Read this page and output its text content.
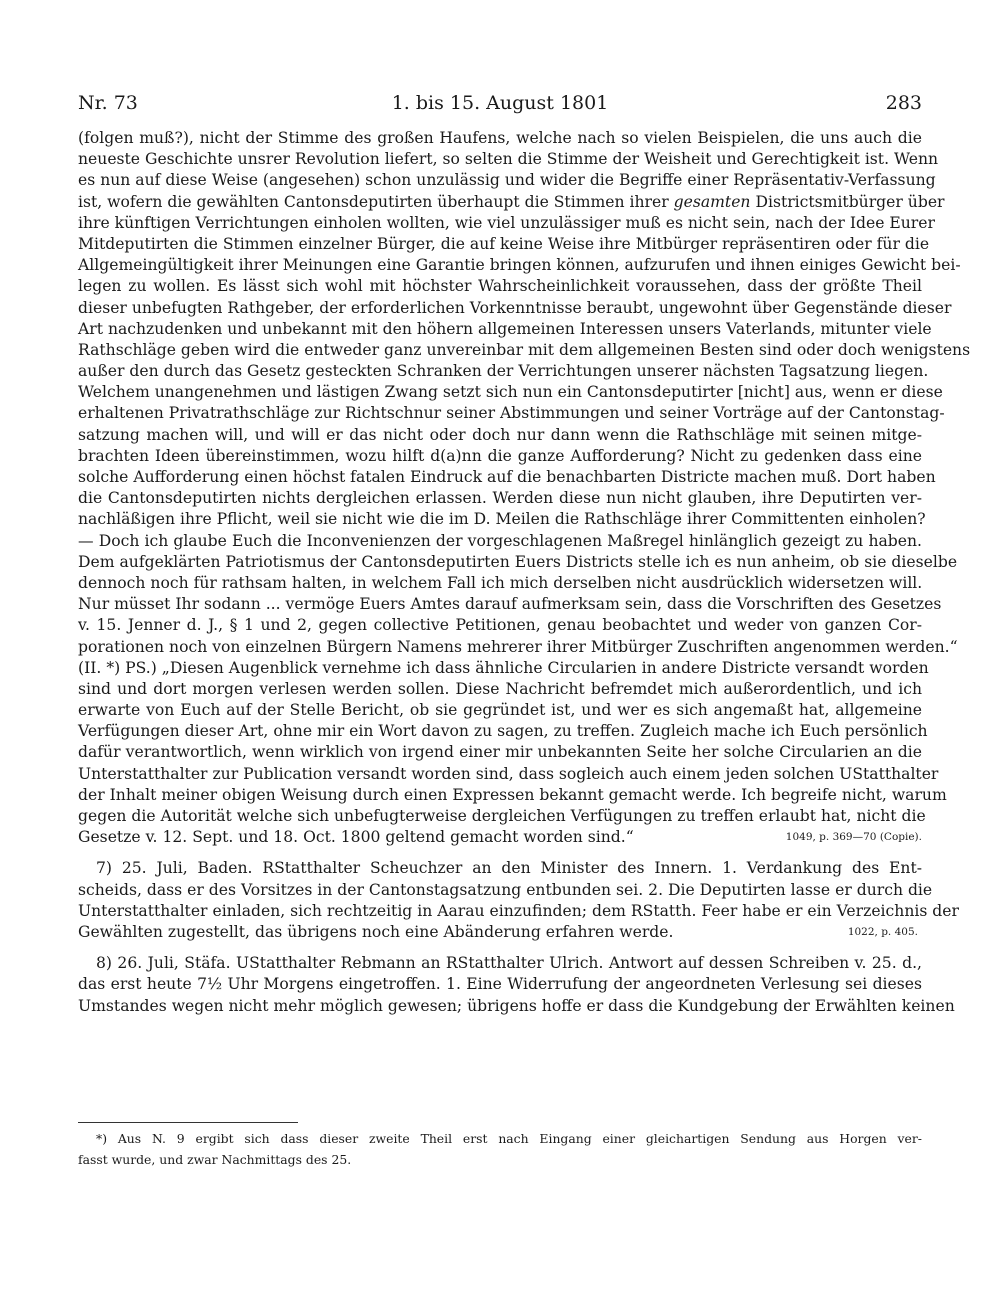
Nr. 73	1. bis 15. August 1801	283
(folgen muß?), nicht der Stimme des großen Haufens, welche nach so vielen Beispielen, die uns auch die
neueste Geschichte unsrer Revolution liefert, so selten die Stimme der Weisheit und Gerechtigkeit ist. Wenn
es nun auf diese Weise (angesehen) schon unzulässig und wider die Begriffe einer Repräsentativ-Verfassung
ist, wofern die gewählten Cantonsdeputirten überhaupt die Stimmen ihrer gesamten Districtsmitbürger über
ihre künftigen Verrichtungen einholen wollten, wie viel unzulässiger muß es nicht sein, nach der Idee Eurer
Mitdeputirten die Stimmen einzelner Bürger, die auf keine Weise ihre Mitbürger repräsentiren oder für die
Allgemeingültigkeit ihrer Meinungen eine Garantie bringen können, aufzurufen und ihnen einiges Gewicht bei-
legen zu wollen. Es lässt sich wohl mit höchster Wahrscheinlichkeit voraussehen, dass der größte Theil
dieser unbefugten Rathgeber, der erforderlichen Vorkenntnisse beraubt, ungewohnt über Gegenstände dieser
Art nachzudenken und unbekannt mit den höhern allgemeinen Interessen unsers Vaterlands, mitunter viele
Rathschläge geben wird die entweder ganz unvereinbar mit dem allgemeinen Besten sind oder doch wenigstens
außer den durch das Gesetz gesteckten Schranken der Verrichtungen unserer nächsten Tagsatzung liegen.
Welchem unangenehmen und lästigen Zwang setzt sich nun ein Cantonsdeputirter [nicht] aus, wenn er diese
erhaltenen Privatrathschläge zur Richtschnur seiner Abstimmungen und seiner Vorträge auf der Cantonstag-
satzung machen will, und will er das nicht oder doch nur dann wenn die Rathschläge mit seinen mitge-
brachten Ideen übereinstimmen, wozu hilft d(a)nn die ganze Aufforderung? Nicht zu gedenken dass eine
solche Aufforderung einen höchst fatalen Eindruck auf die benachbarten Districte machen muß. Dort haben
die Cantonsdeputirten nichts dergleichen erlassen. Werden diese nun nicht glauben, ihre Deputirten ver-
nachläßigen ihre Pflicht, weil sie nicht wie die im D. Meilen die Rathschläge ihrer Committenten einholen?
— Doch ich glaube Euch die Inconvenienzen der vorgeschlagenen Maßregel hinlänglich gezeigt zu haben.
Dem aufgeklärten Patriotismus der Cantonsdeputirten Euers Districts stelle ich es nun anheim, ob sie dieselbe
dennoch noch für rathsam halten, in welchem Fall ich mich derselben nicht ausdrücklich widersetzen will.
Nur müsset Ihr sodann ... vermöge Euers Amtes darauf aufmerksam sein, dass die Vorschriften des Gesetzes
v. 15. Jenner d. J., § 1 und 2, gegen collective Petitionen, genau beobachtet und weder von ganzen Cor-
porationen noch von einzelnen Bürgern Namens mehrerer ihrer Mitbürger Zuschriften angenommen werden.“
(II. *) PS.) „Diesen Augenblick vernehme ich dass ähnliche Circularien in andere Districte versandt worden
sind und dort morgen verlesen werden sollen. Diese Nachricht befremdet mich außerordentlich, und ich
erwarte von Euch auf der Stelle Bericht, ob sie gegründet ist, und wer es sich angemaßt hat, allgemeine
Verfügungen dieser Art, ohne mir ein Wort davon zu sagen, zu treffen. Zugleich mache ich Euch persönlich
dafür verantwortlich, wenn wirklich von irgend einer mir unbekannten Seite her solche Circularien an die
Unterstatthalter zur Publication versandt worden sind, dass sogleich auch einem jeden solchen UStatthalter
der Inhalt meiner obigen Weisung durch einen Expressen bekannt gemacht werde. Ich begreife nicht, warum
gegen die Autorität welche sich unbefugterweise dergleichen Verfügungen zu treffen erlaubt hat, nicht die
Gesetze v. 12. Sept. und 18. Oct. 1800 geltend gemacht worden sind.“	1049, p. 369—70 (Copie).
7) 25. Juli, Baden. RStatthalter Scheuchzer an den Minister des Innern. 1. Verdankung des Ent-
scheids, dass er des Vorsitzes in der Cantonstagsatzung entbunden sei. 2. Die Deputirten lasse er durch die
Unterstatthalter einladen, sich rechtzeitig in Aarau einzufinden; dem RStatth. Feer habe er ein Verzeichnis der
Gewählten zugestellt, das übrigens noch eine Abänderung erfahren werde.	1022, p. 405.
8) 26. Juli, Stäfa. UStatthalter Rebmann an RStatthalter Ulrich. Antwort auf dessen Schreiben v. 25. d.,
das erst heute 7½ Uhr Morgens eingetroffen. 1. Eine Widerrufung der angeordneten Verlesung sei dieses
Umstandes wegen nicht mehr möglich gewesen; übrigens hoffe er dass die Kundgebung der Erwählten keinen
*) Aus N. 9 ergibt sich dass dieser zweite Theil erst nach Eingang einer gleichartigen Sendung aus Horgen ver-
fasst wurde, und zwar Nachmittags des 25.
